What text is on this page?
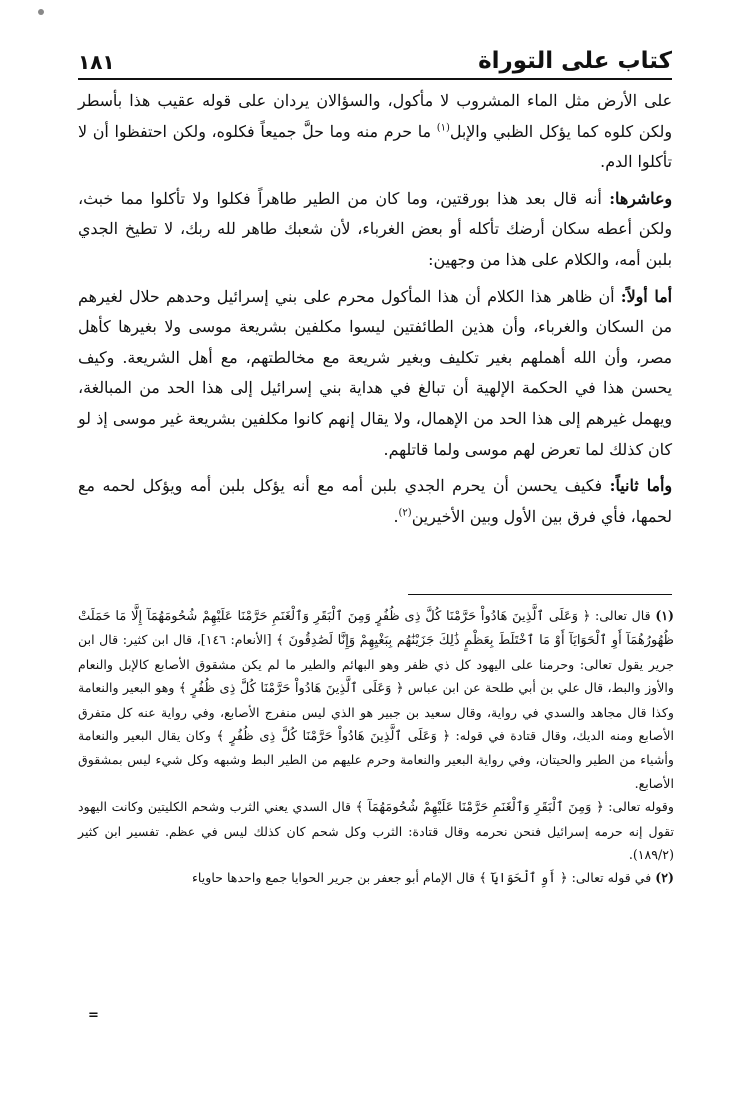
كتاب على التوراة
١٨١

على الأرض مثل الماء المشروب لا مأكول، والسؤالان يردان على قوله عقيب هذا بأسطر ولكن كلوه كما يؤكل الظبي والإبل$^{(١)}$ ما حرم منه وما حلَّ جميعاً فكلوه، ولكن احتفظوا أن لا تأكلوا الدم.

وعاشرها: أنه قال بعد هذا بورقتين، وما كان من الطير طاهراً فكلوا ولا تأكلوا مما خبث، ولكن أعطه سكان أرضك تأكله أو بعض الغرباء، لأن شعبك طاهر لله ربك، لا تطيخ الجدي بلبن أمه، والكلام على هذا من وجهين:

أما أولاً: أن ظاهر هذا الكلام أن هذا المأكول محرم على بني إسرائيل وحدهم حلال لغيرهم من السكان والغرباء، وأن هذين الطائفتين ليسوا مكلفين بشريعة موسى ولا بغيرها كأهل مصر، وأن الله أهملهم بغير تكليف وبغير شريعة مع مخالطتهم، مع أهل الشريعة. وكيف يحسن هذا في الحكمة الإلهية أن تبالغ في هداية بني إسرائيل إلى هذا الحد من المبالغة، ويهمل غيرهم إلى هذا الحد من الإهمال، ولا يقال إنهم كانوا مكلفين بشريعة غير موسى إذ لو كان كذلك لما تعرض لهم موسى ولما قاتلهم.

وأما ثانياً: فكيف يحسن أن يحرم الجدي بلبن أمه مع أنه يؤكل بلبن أمه ويؤكل لحمه مع لحمها، فأي فرق بين الأول وبين الأخيرين$^{(٢)}$.

(١) قال تعالى: ﴿ وَعَلَى ٱلَّذِينَ هَادُواْ حَرَّمْنَا كُلَّ ذِى ظُفُرٍ وَمِنَ ٱلْبَقَرِ وَٱلْغَنَمِ حَرَّمْنَا عَلَيْهِمْ شُحُومَهُمَآ إِلَّا مَا حَمَلَتْ ظُهُورُهُمَآ أَوِ ٱلْحَوَايَآ أَوْ مَا ٱخْتَلَطَ بِعَظْمٍ ذَٰلِكَ جَزَيْنَٰهُم بِبَغْيِهِمْ وَإِنَّا لَصَٰدِقُونَ ﴾ [الأنعام: ١٤٦]، قال ابن كثير: قال ابن جرير يقول تعالى: وحرمنا على اليهود كل ذي ظفر وهو البهائم والطير ما لم يكن مشقوق الأصابع كالإبل والنعام والأوز والبط، قال علي بن أبي طلحة عن ابن عباس ﴿ وَعَلَى ٱلَّذِينَ هَادُواْ حَرَّمْنَا كُلَّ ذِى ظُفُرٍ ﴾ وهو البعير والنعامة وكذا قال مجاهد والسدي في رواية، وقال سعيد بن جبير هو الذي ليس منفرج الأصابع، وفي رواية عنه كل متفرق الأصابع ومنه الديك، وقال قتادة في قوله: ﴿ وَعَلَى ٱلَّذِينَ هَادُواْ حَرَّمْنَا كُلَّ ذِى ظُفُرٍ ﴾ وكان يقال البعير والنعامة وأشياء من الطير والحيتان، وفي رواية البعير والنعامة وحرم عليهم من الطير البط وشبهه وكل شيء ليس بمشقوق الأصابع.

وقوله تعالى: ﴿ وَمِنَ ٱلْبَقَرِ وَٱلْغَنَمِ حَرَّمْنَا عَلَيْهِمْ شُحُومَهُمَآ ﴾ قال السدي يعني الثرب وشحم الكليتين وكانت اليهود تقول إنه حرمه إسرائيل فنحن نحرمه وقال قتادة: الثرب وكل شحم كان كذلك ليس في عظم. تفسير ابن كثير (١٨٩/٢).

(٢) في قوله تعالى: ﴿ أَوِ ٱلْحَوَايَآ ﴾ قال الإمام أبو جعفر بن جرير الحوايا جمع واحدها حاوياء

=
